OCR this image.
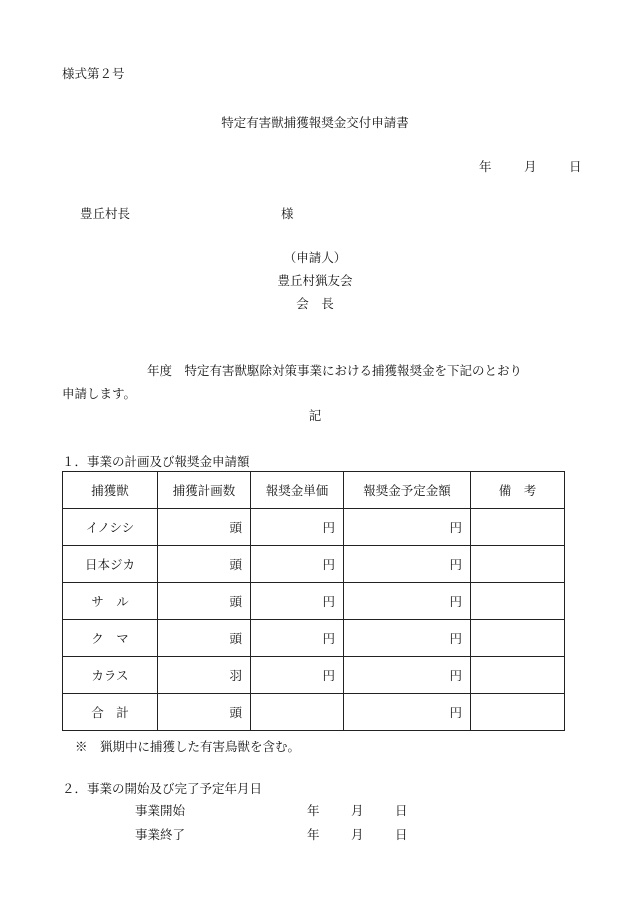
様式第２号
特定有害獣捕獲報奨金交付申請書
年	月	日
豊丘村長	様
（申請人）
豊丘村猟友会
会　長
年度　特定有害獣駆除対策事業における捕獲報奨金を下記のとおり
申請します。
記
１．事業の計画及び報奨金申請額
捕獲獣	捕獲計画数	報奨金単価	報奨金予定金額	備　考
イノシシ	頭	円	円	
日本ジカ	頭	円	円	
サ　ル	頭	円	円	
ク　マ	頭	円	円	
カラス	羽	円	円	
合　計	頭		円	
※　猟期中に捕獲した有害鳥獣を含む。
２．事業の開始及び完了予定年月日
事業開始	年	月	日
事業終了	年	月	日
